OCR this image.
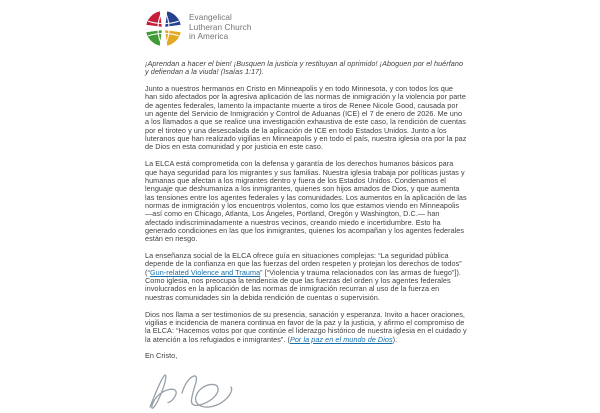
Evangelical
Lutheran Church
in America

¡Aprendan a hacer el bien! ¡Busquen la justicia y restituyan al oprimido! ¡Aboguen por el huérfano y defiendan a la viuda! (Isaías 1:17).

Junto a nuestros hermanos en Cristo en Minneapolis y en todo Minnesota, y con todos los que han sido afectados por la agresiva aplicación de las normas de inmigración y la violencia por parte de agentes federales, lamento la impactante muerte a tiros de Renee Nicole Good, causada por un agente del Servicio de Inmigración y Control de Aduanas (ICE) el 7 de enero de 2026. Me uno a los llamados a que se realice una investigación exhaustiva de este caso, la rendición de cuentas por el tiroteo y una desescalada de la aplicación de ICE en todo Estados Unidos. Junto a los luteranos que han realizado vigilias en Minneapolis y en todo el país, nuestra iglesia ora por la paz de Dios en esta comunidad y por justicia en este caso.

La ELCA está comprometida con la defensa y garantía de los derechos humanos básicos para que haya seguridad para los migrantes y sus familias. Nuestra iglesia trabaja por políticas justas y humanas que afectan a los migrantes dentro y fuera de los Estados Unidos. Condenamos el lenguaje que deshumaniza a los inmigrantes, quienes son hijos amados de Dios, y que aumenta las tensiones entre los agentes federales y las comunidades. Los aumentos en la aplicación de las normas de inmigración y los encuentros violentos, como los que estamos viendo en Minneapolis —así como en Chicago, Atlanta, Los Ángeles, Portland, Oregón y Washington, D.C.— han afectado indiscriminadamente a nuestros vecinos, creando miedo e incertidumbre. Esto ha generado condiciones en las que los inmigrantes, quienes los acompañan y los agentes federales están en riesgo.

La enseñanza social de la ELCA ofrece guía en situaciones complejas: “La seguridad pública depende de la confianza en que las fuerzas del orden respeten y protejan los derechos de todos” (“Gun-related Violence and Trauma” [“Violencia y trauma relacionados con las armas de fuego”]). Como iglesia, nos preocupa la tendencia de que las fuerzas del orden y los agentes federales involucrados en la aplicación de las normas de inmigración recurran al uso de la fuerza en nuestras comunidades sin la debida rendición de cuentas o supervisión.

Dios nos llama a ser testimonios de su presencia, sanación y esperanza. Invito a hacer oraciones, vigilias e incidencia de manera continua en favor de la paz y la justicia, y afirmo el compromiso de la ELCA: “Hacemos votos por que continúe el liderazgo histórico de nuestra iglesia en el cuidado y la atención a los refugiados e inmigrantes”. (Por la paz en el mundo de Dios).

En Cristo,
